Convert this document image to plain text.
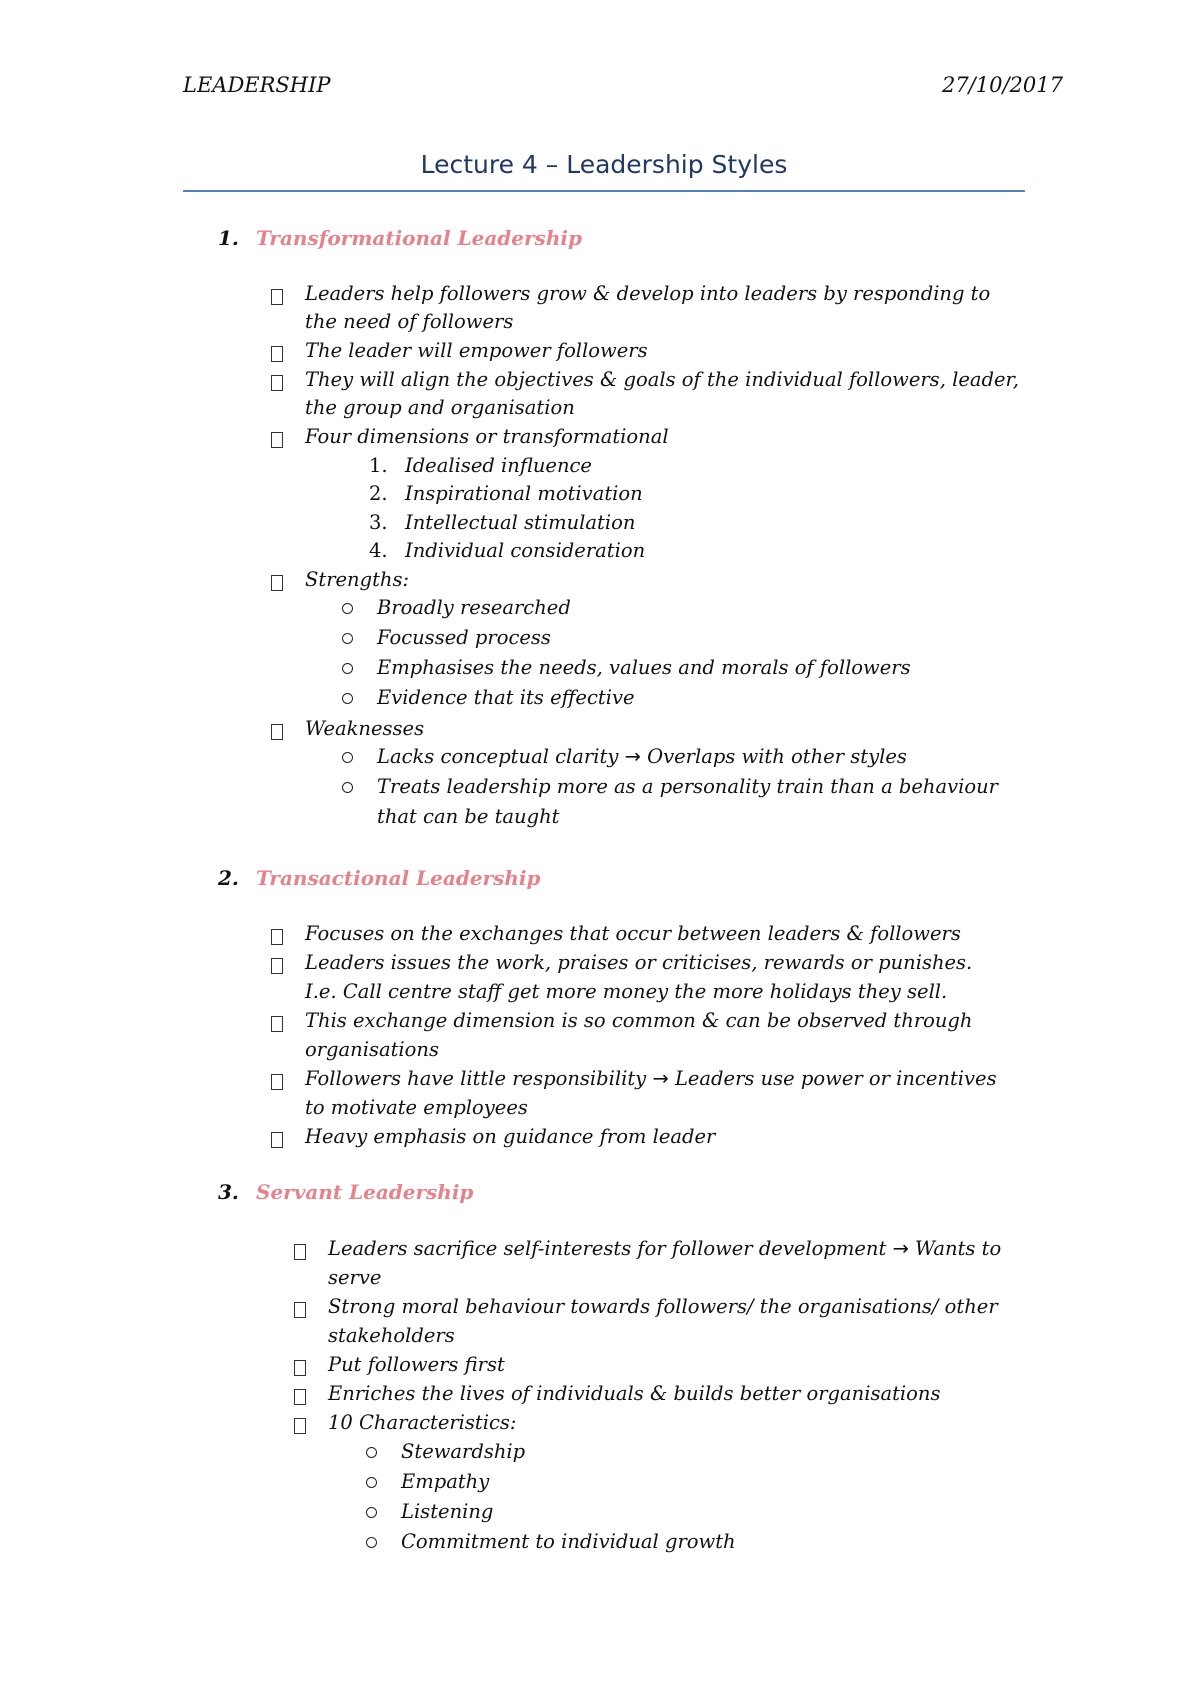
LEADERSHIP	27/10/2017
Lecture 4 – Leadership Styles
1. Transformational Leadership
Leaders help followers grow & develop into leaders by responding to
the need of followers
The leader will empower followers
They will align the objectives & goals of the individual followers, leader,
the group and organisation
Four dimensions or transformational
1. Idealised influence
2. Inspirational motivation
3. Intellectual stimulation
4. Individual consideration
Strengths:
Broadly researched
Focussed process
Emphasises the needs, values and morals of followers
Evidence that its effective
Weaknesses
Lacks conceptual clarity → Overlaps with other styles
Treats leadership more as a personality train than a behaviour
that can be taught
2. Transactional Leadership
Focuses on the exchanges that occur between leaders & followers
Leaders issues the work, praises or criticises, rewards or punishes.
I.e. Call centre staff get more money the more holidays they sell.
This exchange dimension is so common & can be observed through
organisations
Followers have little responsibility → Leaders use power or incentives
to motivate employees
Heavy emphasis on guidance from leader
3. Servant Leadership
Leaders sacrifice self-interests for follower development → Wants to
serve
Strong moral behaviour towards followers/ the organisations/ other
stakeholders
Put followers first
Enriches the lives of individuals & builds better organisations
10 Characteristics:
Stewardship
Empathy
Listening
Commitment to individual growth
